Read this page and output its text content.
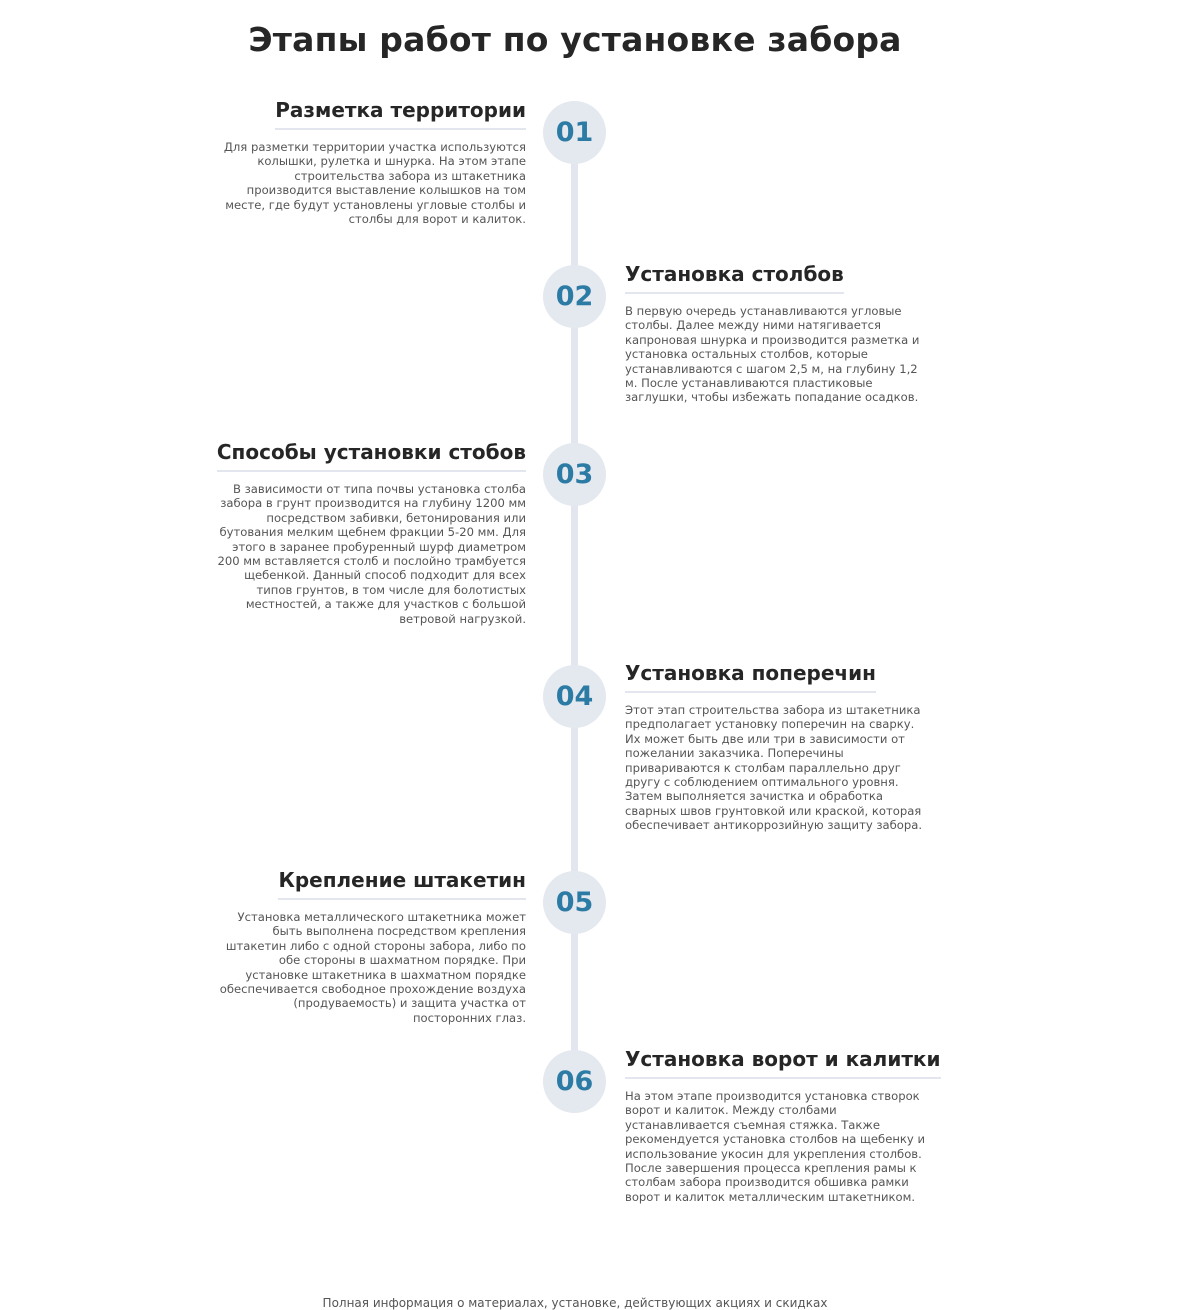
Этапы работ по установке забора
01
Разметка территории

Для разметки территории участка используются колышки, рулетка и шнурка. На этом этапе строительства забора из штакетника производится выставление колышков на том месте, где будут установлены угловые столбы и столбы для ворот и калиток.

02
Установка столбов

В первую очередь устанавливаются угловые столбы. Далее между ними натягивается капроновая шнурка и производится разметка и установка остальных столбов, которые устанавливаются с шагом 2,5 м, на глубину 1,2 м. После устанавливаются пластиковые заглушки, чтобы избежать попадание осадков.

03
Способы установки стобов

В зависимости от типа почвы установка столба забора в грунт производится на глубину 1200 мм посредством забивки, бетонирования или бутования мелким щебнем фракции 5-20 мм. Для этого в заранее пробуренный шурф диаметром 200 мм вставляется столб и послойно трамбуется щебенкой. Данный способ подходит для всех типов грунтов, в том числе для болотистых местностей, а также для участков с большой ветровой нагрузкой.

04
Установка поперечин

Этот этап строительства забора из штакетника предполагает установку поперечин на сварку. Их может быть две или три в зависимости от пожелании заказчика. Поперечины привариваются к столбам параллельно друг другу с соблюдением оптимального уровня. Затем выполняется зачистка и обработка сварных швов грунтовкой или краской, которая обеспечивает антикоррозийную защиту забора.

05
Крепление штакетин

Установка металлического штакетника может быть выполнена посредством крепления штакетин либо с одной стороны забора, либо по обе стороны в шахматном порядке. При установке штакетника в шахматном порядке обеспечивается свободное прохождение воздуха (продуваемость) и защита участка от посторонних глаз.

06
Установка ворот и калитки

На этом этапе производится установка створок ворот и калиток. Между столбами устанавливается съемная стяжка. Также рекомендуется установка столбов на щебенку и использование укосин для укрепления столбов. После завершения процесса крепления рамы к столбам забора производится обшивка рамки ворот и калиток металлическим штакетником.

Полная информация о материалах, установке, действующих акциях и скидках
